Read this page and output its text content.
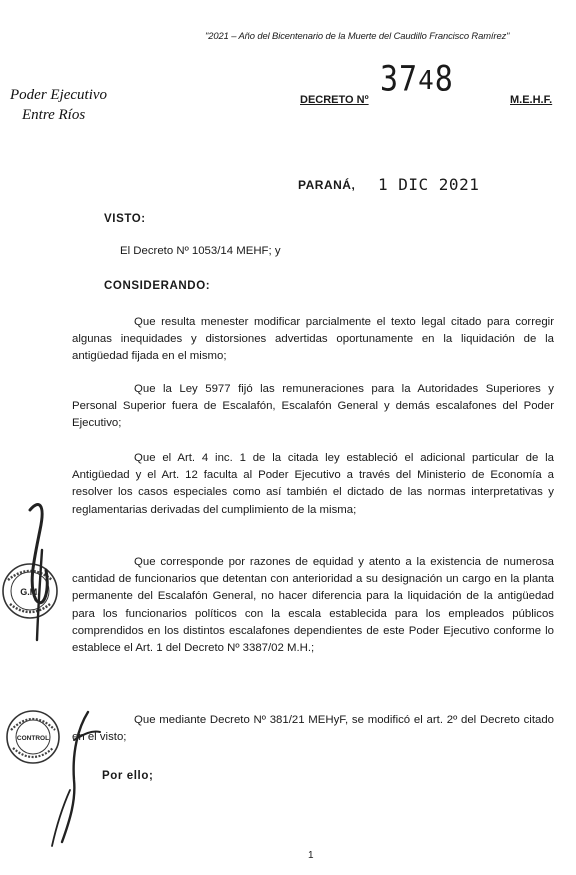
"2021 – Año del Bicentenario de la Muerte del Caudillo Francisco Ramírez"
Poder Ejecutivo
Entre Ríos
DECRETO Nº
3748
M.E.H.F.
PARANÁ, 1 DIC 2021
VISTO:
El Decreto Nº 1053/14 MEHF; y
CONSIDERANDO:
Que resulta menester modificar parcialmente el texto legal citado para corregir algunas inequidades y distorsiones advertidas oportunamente en la liquidación de la antigüedad fijada en el mismo;
Que la Ley 5977 fijó las remuneraciones para la Autoridades Superiores y Personal Superior fuera de Escalafón, Escalafón General y demás escalafones del Poder Ejecutivo;
Que el Art. 4 inc. 1 de la citada ley estableció el adicional particular de la Antigüedad y el Art. 12 faculta al Poder Ejecutivo a través del Ministerio de Economía a resolver los casos especiales como así también el dictado de las normas interpretativas y reglamentarias derivadas del cumplimiento de la misma;
Que corresponde por razones de equidad y atento a la existencia de numerosa cantidad de funcionarios que detentan con anterioridad a su designación un cargo en la planta permanente del Escalafón General, no hacer diferencia para la liquidación de la antigüedad para los funcionarios políticos con la escala establecida para los empleados públicos comprendidos en los distintos escalafones dependientes de este Poder Ejecutivo conforme lo establece el Art. 1 del Decreto Nº 3387/02 M.H.;
Que mediante Decreto Nº 381/21 MEHyF, se modificó el art. 2º del Decreto citado en el visto;
Por ello;
1
G.M.
CONTROL
